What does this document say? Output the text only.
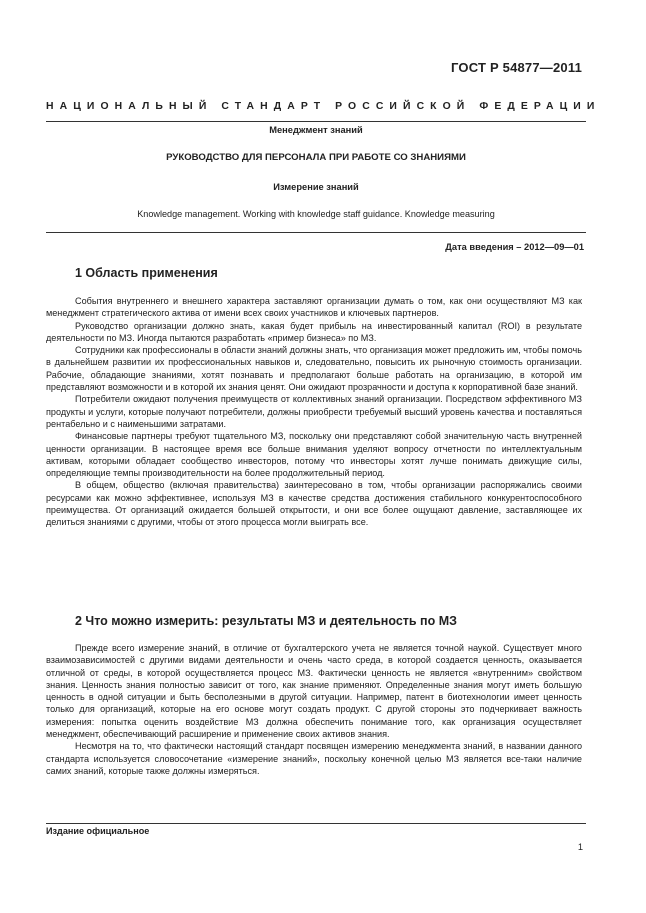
ГОСТ Р 54877—2011
НАЦИОНАЛЬНЫЙ СТАНДАРТ РОССИЙСКОЙ ФЕДЕРАЦИИ
Менеджмент знаний
РУКОВОДСТВО ДЛЯ ПЕРСОНАЛА ПРИ РАБОТЕ СО ЗНАНИЯМИ
Измерение знаний
Knowledge management. Working with knowledge staff guidance. Knowledge measuring
Дата введения – 2012—09—01
1 Область применения

События внутреннего и внешнего характера заставляют организации думать о том, как они осуществляют МЗ как менеджмент стратегического актива от имени всех своих участников и ключевых партнеров.

Руководство организации должно знать, какая будет прибыль на инвестированный капитал (ROI) в результате деятельности по МЗ. Иногда пытаются разработать «пример бизнеса» по МЗ.

Сотрудники как профессионалы в области знаний должны знать, что организация может предложить им, чтобы помочь в дальнейшем развитии их профессиональных навыков и, следовательно, повысить их рыночную стоимость организации. Рабочие, обладающие знаниями, хотят познавать и предполагают больше работать на организацию, в которой им представляют возможности и в которой их знания ценят. Они ожидают прозрачности и доступа к корпоративной базе знаний.

Потребители ожидают получения преимуществ от коллективных знаний организации. Посредством эффективного МЗ продукты и услуги, которые получают потребители, должны приобрести требуемый высший уровень качества и поставляться рентабельно и с наименьшими затратами.

Финансовые партнеры требуют тщательного МЗ, поскольку они представляют собой значительную часть внутренней ценности организации. В настоящее время все больше внимания уделяют вопросу отчетности по интеллектуальным активам, которыми обладает сообщество инвесторов, потому что инвесторы хотят лучше понимать движущие силы, определяющие темпы производительности на более продолжительный период.

В общем, общество (включая правительства) заинтересовано в том, чтобы организации распоряжались своими ресурсами как можно эффективнее, используя МЗ в качестве средства достижения стабильного конкурентоспособного преимущества. От организаций ожидается большей открытости, и они все более ощущают давление, заставляющее их делиться знаниями с другими, чтобы от этого процесса могли выиграть все.

2 Что можно измерить: результаты МЗ и деятельность по МЗ

Прежде всего измерение знаний, в отличие от бухгалтерского учета не является точной наукой. Существует много взаимозависимостей с другими видами деятельности и очень часто среда, в которой создается ценность, оказывается отличной от среды, в которой осуществляется процесс МЗ. Фактически ценность не является «внутренним» свойством знания. Ценность знания полностью зависит от того, как знание применяют. Определенные знания могут иметь большую ценность в одной ситуации и быть бесполезными в другой ситуации. Например, патент в биотехнологии имеет ценность только для организаций, которые на его основе могут создать продукт. С другой стороны это подчеркивает важность измерения: попытка оценить воздействие МЗ должна обеспечить понимание того, как организация осуществляет менеджмент, обеспечивающий расширение и применение своих активов знания.

Несмотря на то, что фактически настоящий стандарт посвящен измерению менеджмента знаний, в названии данного стандарта используется словосочетание «измерение знаний», поскольку конечной целью МЗ является все-таки наличие самих знаний, которые также должны измеряться.

Издание официальное
1
